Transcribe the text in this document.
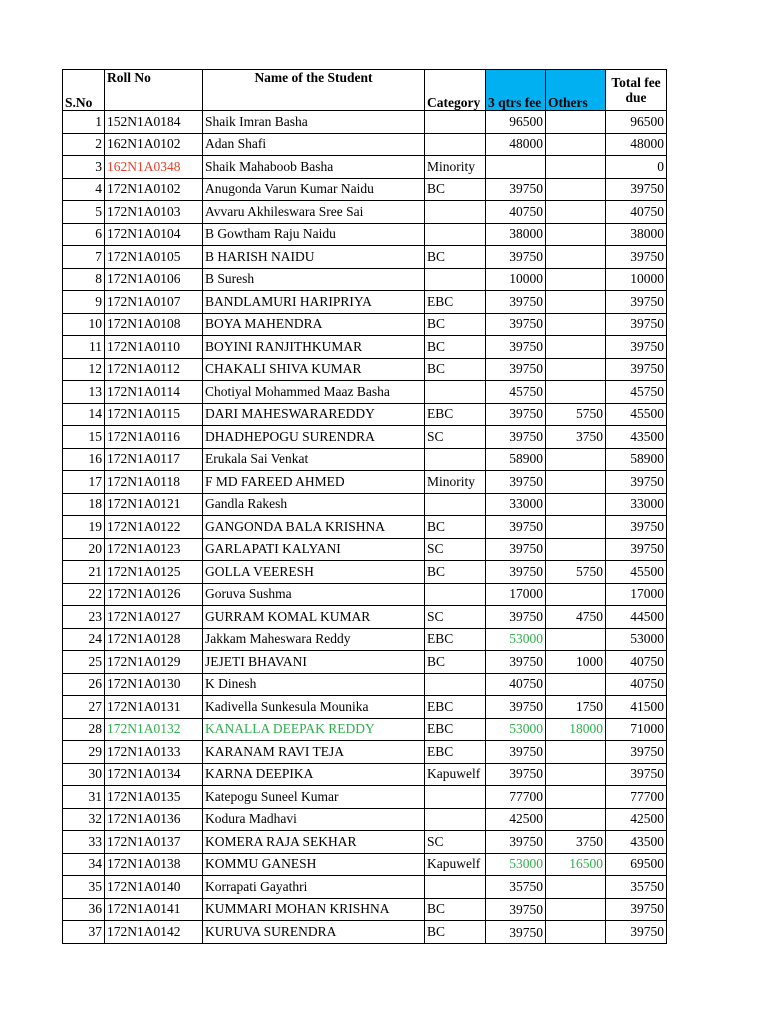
S.No	Roll No	Name of the Student	Category	3 qtrs fee	Others	Total fee due
1	152N1A0184	Shaik Imran Basha		96500		96500
2	162N1A0102	Adan Shafi		48000		48000
3	162N1A0348	Shaik Mahaboob Basha	Minority			0
4	172N1A0102	Anugonda Varun Kumar Naidu	BC	39750		39750
5	172N1A0103	Avvaru Akhileswara Sree Sai		40750		40750
6	172N1A0104	B Gowtham Raju Naidu		38000		38000
7	172N1A0105	B HARISH NAIDU	BC	39750		39750
8	172N1A0106	B Suresh		10000		10000
9	172N1A0107	BANDLAMURI HARIPRIYA	EBC	39750		39750
10	172N1A0108	BOYA MAHENDRA	BC	39750		39750
11	172N1A0110	BOYINI RANJITHKUMAR	BC	39750		39750
12	172N1A0112	CHAKALI SHIVA KUMAR	BC	39750		39750
13	172N1A0114	Chotiyal Mohammed Maaz Basha		45750		45750
14	172N1A0115	DARI MAHESWARAREDDY	EBC	39750	5750	45500
15	172N1A0116	DHADHEPOGU SURENDRA	SC	39750	3750	43500
16	172N1A0117	Erukala Sai Venkat		58900		58900
17	172N1A0118	F MD FAREED AHMED	Minority	39750		39750
18	172N1A0121	Gandla Rakesh		33000		33000
19	172N1A0122	GANGONDA BALA KRISHNA	BC	39750		39750
20	172N1A0123	GARLAPATI KALYANI	SC	39750		39750
21	172N1A0125	GOLLA VEERESH	BC	39750	5750	45500
22	172N1A0126	Goruva Sushma		17000		17000
23	172N1A0127	GURRAM KOMAL KUMAR	SC	39750	4750	44500
24	172N1A0128	Jakkam Maheswara Reddy	EBC	53000		53000
25	172N1A0129	JEJETI BHAVANI	BC	39750	1000	40750
26	172N1A0130	K Dinesh		40750		40750
27	172N1A0131	Kadivella Sunkesula Mounika	EBC	39750	1750	41500
28	172N1A0132	KANALLA DEEPAK REDDY	EBC	53000	18000	71000
29	172N1A0133	KARANAM RAVI TEJA	EBC	39750		39750
30	172N1A0134	KARNA DEEPIKA	Kapuwelf	39750		39750
31	172N1A0135	Katepogu Suneel Kumar		77700		77700
32	172N1A0136	Kodura Madhavi		42500		42500
33	172N1A0137	KOMERA RAJA SEKHAR	SC	39750	3750	43500
34	172N1A0138	KOMMU GANESH	Kapuwelf	53000	16500	69500
35	172N1A0140	Korrapati Gayathri		35750		35750
36	172N1A0141	KUMMARI MOHAN KRISHNA	BC	39750		39750
37	172N1A0142	KURUVA SURENDRA	BC	39750		39750
